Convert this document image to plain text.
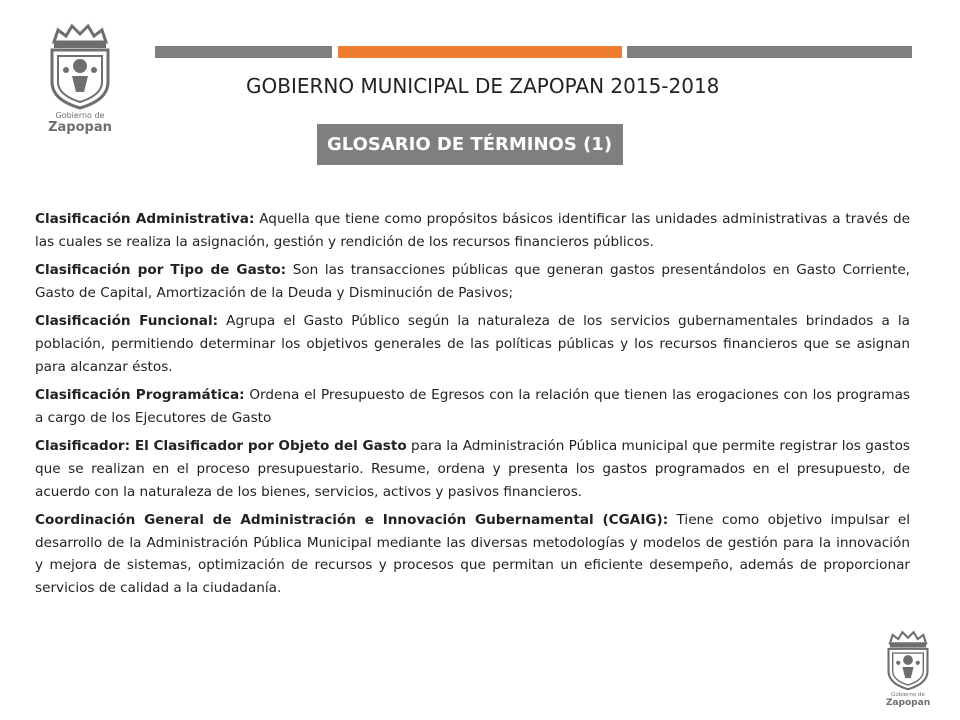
Gobierno de
Zapopan
GOBIERNO MUNICIPAL DE ZAPOPAN 2015-2018
GLOSARIO DE TÉRMINOS (1)

Clasificación Administrativa: Aquella que tiene como propósitos básicos identificar las unidades administrativas a través de las cuales se realiza la asignación, gestión y rendición de los recursos financieros públicos.

Clasificación por Tipo de Gasto: Son las transacciones públicas que generan gastos presentándolos en Gasto Corriente, Gasto de Capital, Amortización de la Deuda y Disminución de Pasivos;

Clasificación Funcional: Agrupa el Gasto Público según la naturaleza de los servicios gubernamentales brindados a la población, permitiendo determinar los objetivos generales de las políticas públicas y los recursos financieros que se asignan para alcanzar éstos.

Clasificación Programática: Ordena el Presupuesto de Egresos con la relación que tienen las erogaciones con los programas a cargo de los Ejecutores de Gasto

Clasificador: El Clasificador por Objeto del Gasto para la Administración Pública municipal que permite registrar los gastos que se realizan en el proceso presupuestario. Resume, ordena y presenta los gastos programados en el presupuesto, de acuerdo con la naturaleza de los bienes, servicios, activos y pasivos financieros.

Coordinación General de Administración e Innovación Gubernamental (CGAIG): Tiene como objetivo impulsar el desarrollo de la Administración Pública Municipal mediante las diversas metodologías y modelos de gestión para la innovación y mejora de sistemas, optimización de recursos y procesos que permitan un eficiente desempeño, además de proporcionar servicios de calidad a la ciudadanía.

Gobierno de
Zapopan
